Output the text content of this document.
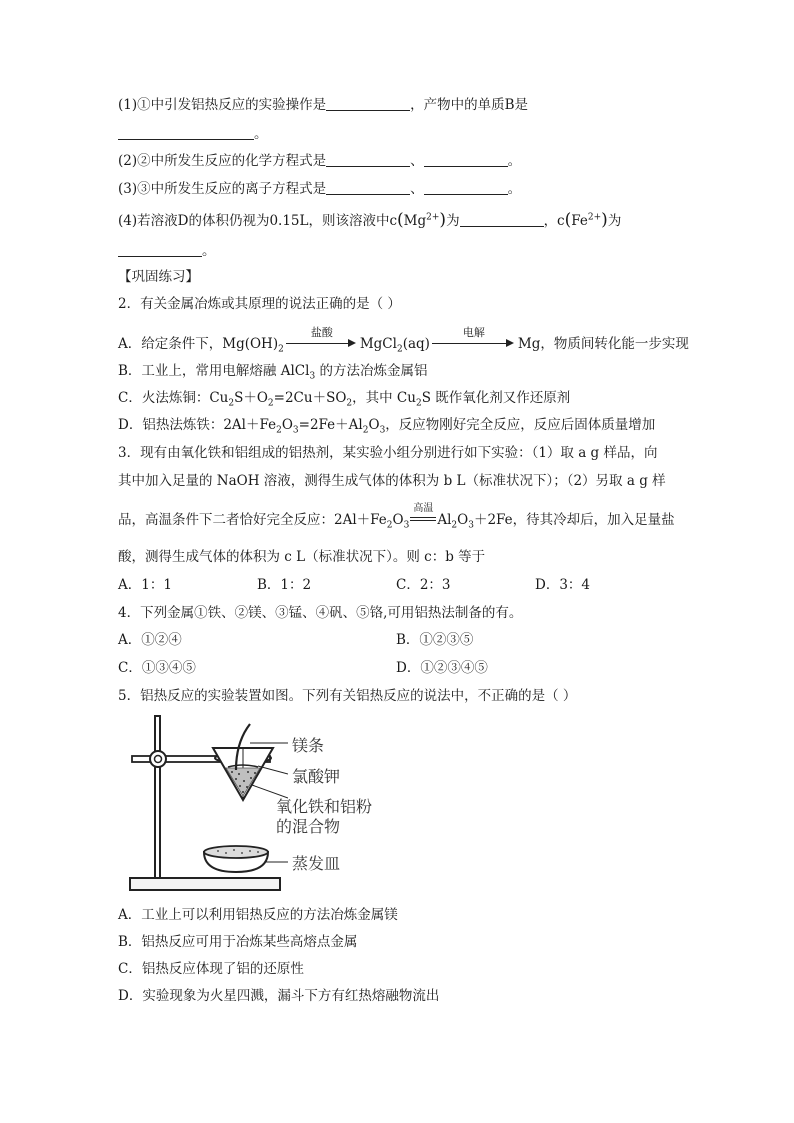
(1)①中引发铝热反应的实验操作是	，产物中的单质B是
。
(2)②中所发生反应的化学方程式是	、	。
(3)③中所发生反应的离子方程式是	、	。
(4)若溶液D的体积仍视为0.15L，则该溶液中$c(Mg^{2+})$为	，$c(Fe^{2+})$为
。
【巩固练习】
2．有关金属冶炼或其原理的说法正确的是（ ）
A．给定条件下，$Mg(OH)_2$
盐酸
MgCl$_2$(aq)
电解
Mg，物质间转化能一步实现
B．工业上，常用电解熔融 AlCl$_3$ 的方法冶炼金属铝
C．火法炼铜：$Cu_2S+O_2=2Cu+SO_2$，其中 $Cu_2S$ 既作氧化剂又作还原剂
D．铝热法炼铁：$2Al+Fe_2O_3=2Fe+Al_2O_3$，反应物刚好完全反应，反应后固体质量增加
3．现有由氧化铁和铝组成的铝热剂，某实验小组分别进行如下实验：（1）取 a g 样品，向
其中加入足量的 NaOH 溶液，测得生成气体的体积为 b L（标准状况下）；（2）另取 a g 样
品，高温条件下二者恰好完全反应：$2Al+Fe_2O_3$
高温
$Al_2O_3+2Fe$，待其冷却后，加入足量盐
酸，测得生成气体的体积为 c L（标准状况下）。则 c：b 等于
A．1：1	B．1：2	C．2：3	D．3：4
4．下列金属①铁、②镁、③锰、④矾、⑤铬,可用铝热法制备的有。
A．①②④	B．①②③⑤
C．①③④⑤	D．①②③④⑤
5．铝热反应的实验装置如图。下列有关铝热反应的说法中，不正确的是（ ）
镁条
氯酸钾
氧化铁和铝粉
的混合物
蒸发皿
A．工业上可以利用铝热反应的方法冶炼金属镁
B．铝热反应可用于冶炼某些高熔点金属
C．铝热反应体现了铝的还原性
D．实验现象为火星四溅，漏斗下方有红热熔融物流出
